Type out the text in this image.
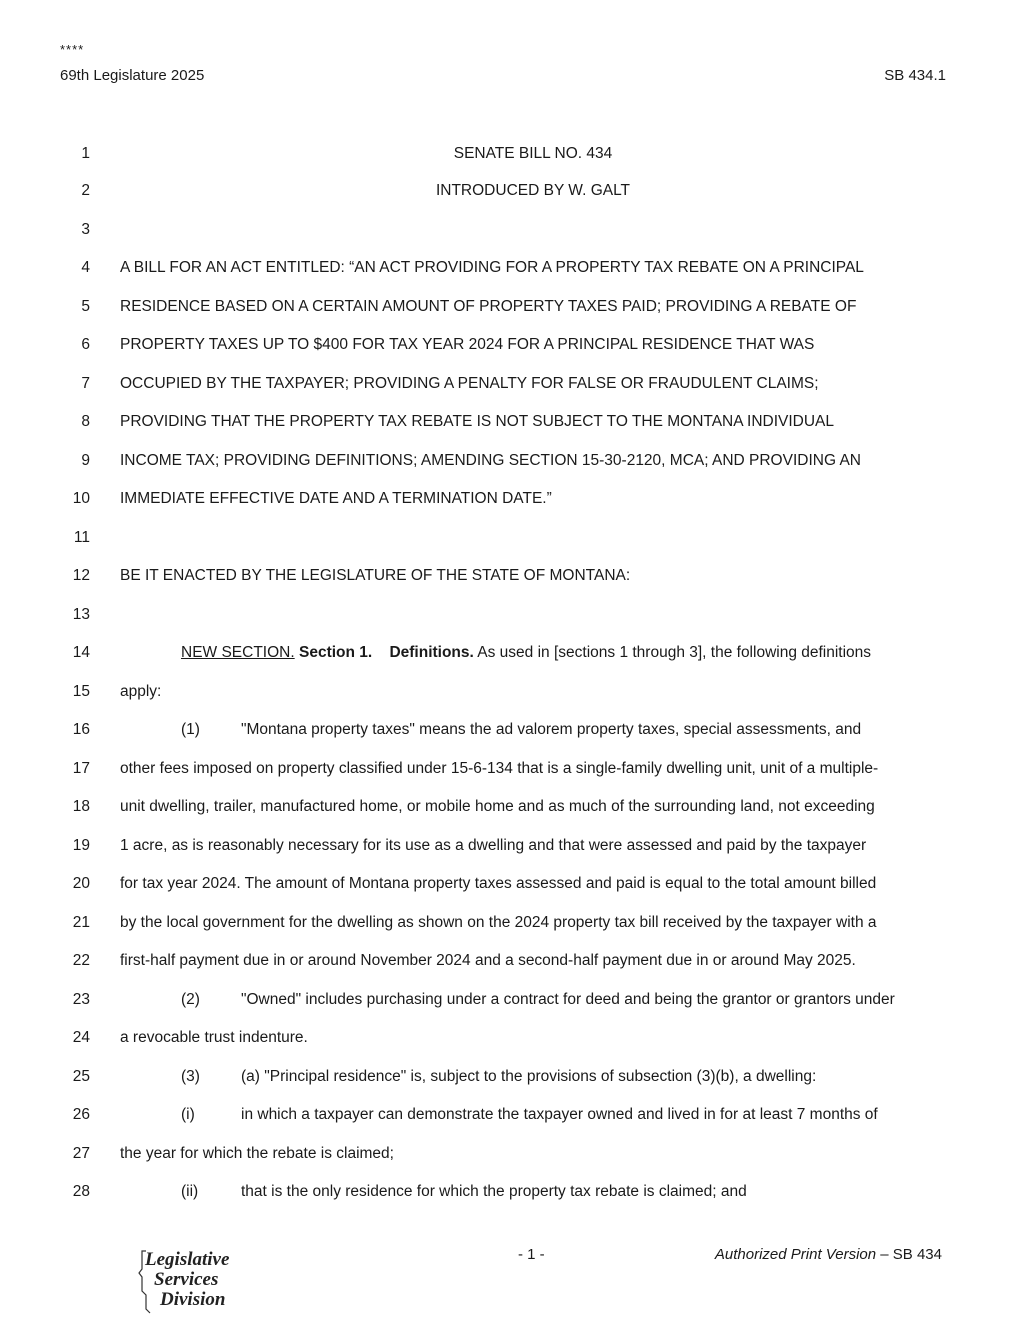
****
69th Legislature 2025	SB 434.1
1	SENATE BILL NO. 434
2	INTRODUCED BY W. GALT
3
4 A BILL FOR AN ACT ENTITLED: “AN ACT PROVIDING FOR A PROPERTY TAX REBATE ON A PRINCIPAL
5 RESIDENCE BASED ON A CERTAIN AMOUNT OF PROPERTY TAXES PAID; PROVIDING A REBATE OF
6 PROPERTY TAXES UP TO $400 FOR TAX YEAR 2024 FOR A PRINCIPAL RESIDENCE THAT WAS
7 OCCUPIED BY THE TAXPAYER; PROVIDING A PENALTY FOR FALSE OR FRAUDULENT CLAIMS;
8 PROVIDING THAT THE PROPERTY TAX REBATE IS NOT SUBJECT TO THE MONTANA INDIVIDUAL
9 INCOME TAX; PROVIDING DEFINITIONS; AMENDING SECTION 15-30-2120, MCA; AND PROVIDING AN
10 IMMEDIATE EFFECTIVE DATE AND A TERMINATION DATE.”
11
12 BE IT ENACTED BY THE LEGISLATURE OF THE STATE OF MONTANA:
13
14	NEW SECTION. Section 1. Definitions. As used in [sections 1 through 3], the following definitions
15 apply:
16	(1)	"Montana property taxes" means the ad valorem property taxes, special assessments, and
17 other fees imposed on property classified under 15-6-134 that is a single-family dwelling unit, unit of a multiple-
18 unit dwelling, trailer, manufactured home, or mobile home and as much of the surrounding land, not exceeding
19 1 acre, as is reasonably necessary for its use as a dwelling and that were assessed and paid by the taxpayer
20 for tax year 2024. The amount of Montana property taxes assessed and paid is equal to the total amount billed
21 by the local government for the dwelling as shown on the 2024 property tax bill received by the taxpayer with a
22 first-half payment due in or around November 2024 and a second-half payment due in or around May 2025.
23	(2)	"Owned" includes purchasing under a contract for deed and being the grantor or grantors under
24 a revocable trust indenture.
25	(3)	(a) "Principal residence" is, subject to the provisions of subsection (3)(b), a dwelling:
26	(i)	in which a taxpayer can demonstrate the taxpayer owned and lived in for at least 7 months of
27 the year for which the rebate is claimed;
28	(ii)	that is the only residence for which the property tax rebate is claimed; and
Legislative
Services
Division
- 1 -	Authorized Print Version – SB 434
